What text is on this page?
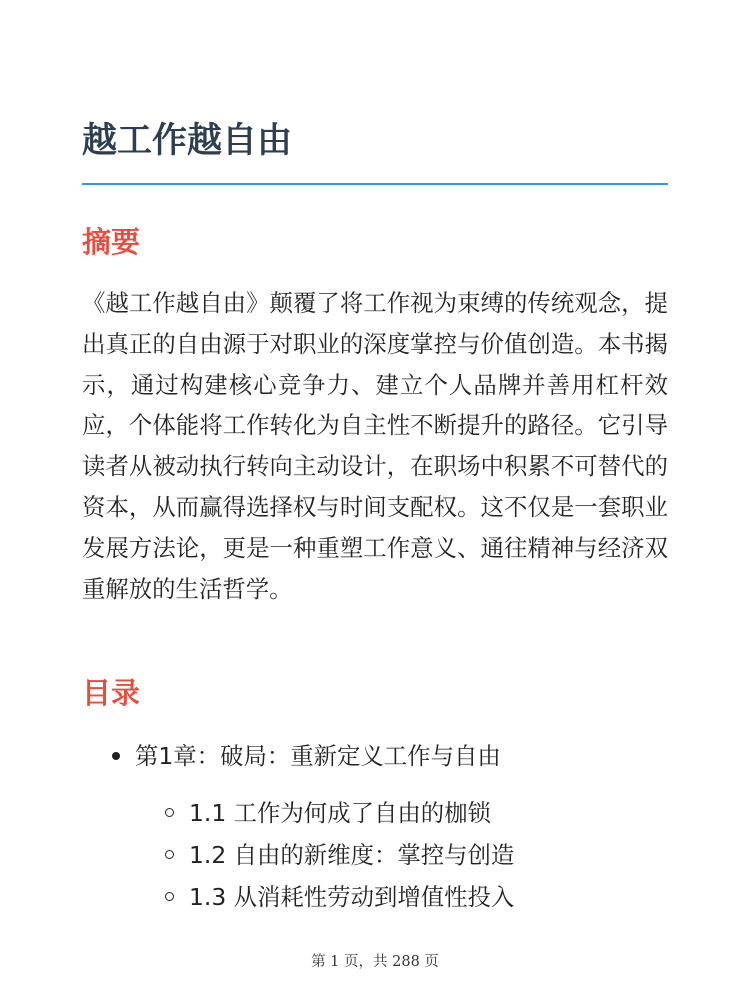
越工作越自由
摘要

《越工作越自由》颠覆了将工作视为束缚的传统观念，提出真正的自由源于对职业的深度掌控与价值创造。本书揭示，通过构建核心竞争力、建立个人品牌并善用杠杆效应，个体能将工作转化为自主性不断提升的路径。它引导读者从被动执行转向主动设计，在职场中积累不可替代的资本，从而赢得选择权与时间支配权。这不仅是一套职业发展方法论，更是一种重塑工作意义、通往精神与经济双重解放的生活哲学。

目录
第1章：破局：重新定义工作与自由
1.1 工作为何成了自由的枷锁
1.2 自由的新维度：掌控与创造
1.3 从消耗性劳动到增值性投入
第 1 页，共 288 页
